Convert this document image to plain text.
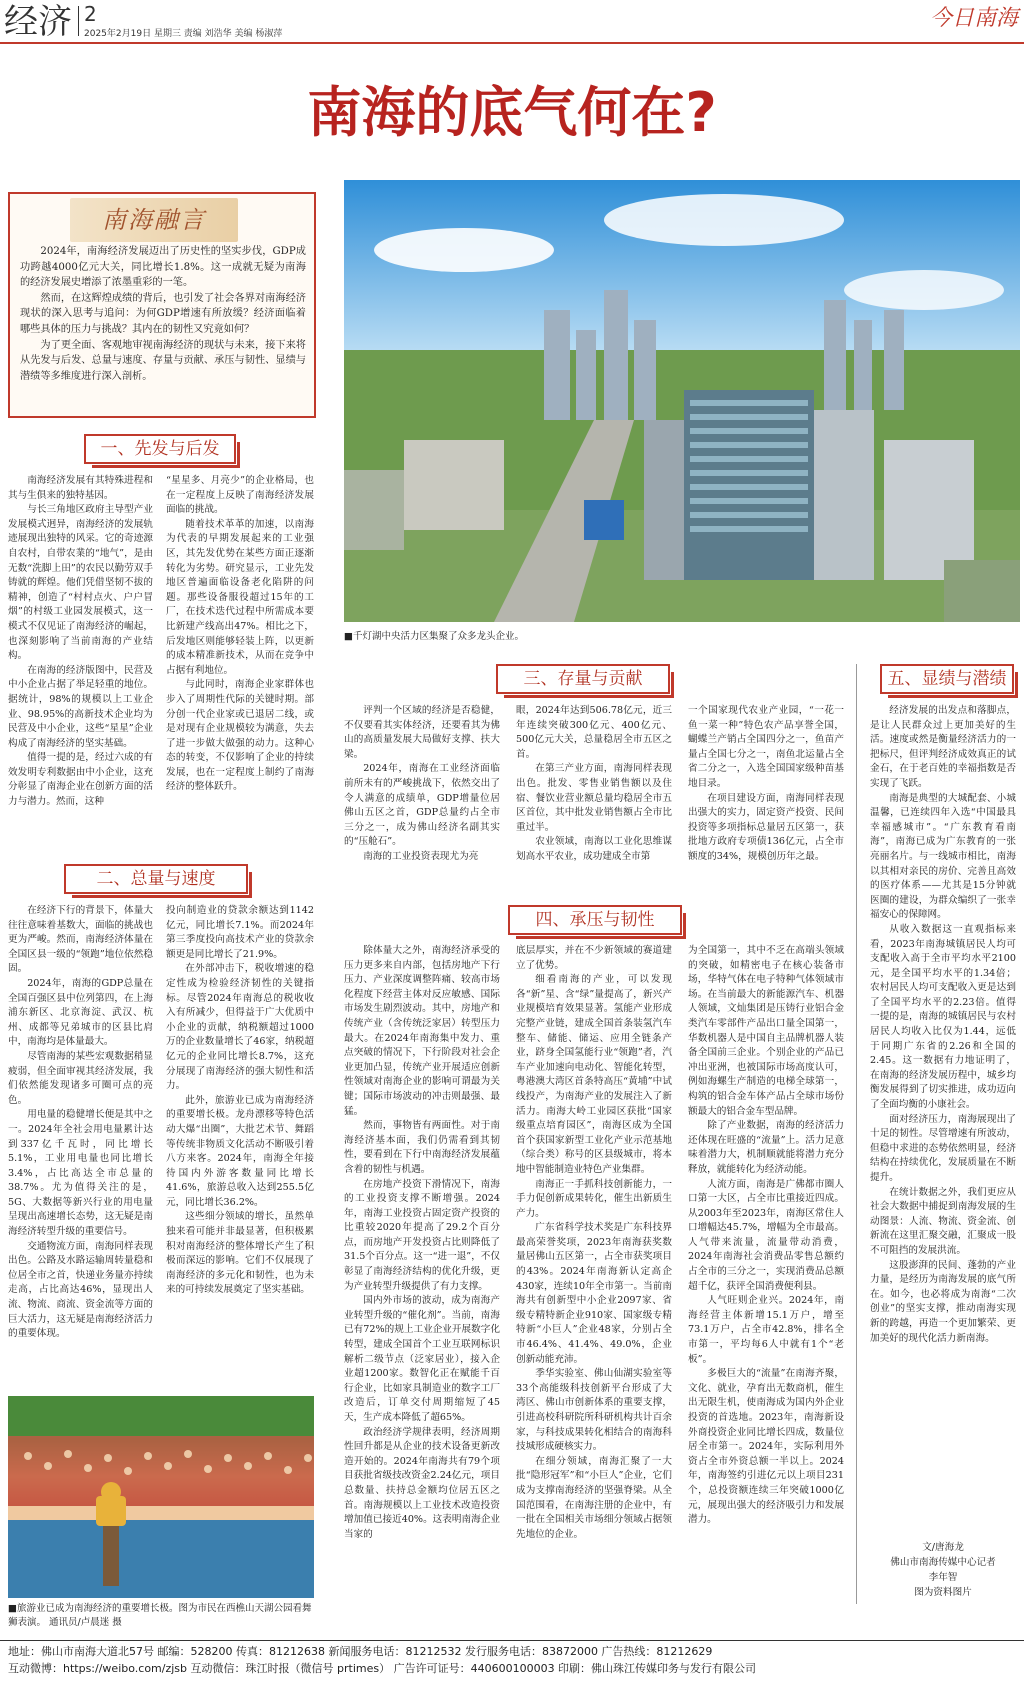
经济 2
2025年2月19日 星期三 责编 刘浩华 美编 杨淑萍
今日南海
南海的底气何在?
南海融言

2024年，南海经济发展迈出了历史性的坚实步伐，GDP成功跨越4000亿元大关，同比增长1.8%。这一成就无疑为南海的经济发展史增添了浓墨重彩的一笔。

然而，在这辉煌成绩的背后，也引发了社会各界对南海经济现状的深入思考与追问：为何GDP增速有所放缓？经济面临着哪些具体的压力与挑战？其内在的韧性又究竟如何？

为了更全面、客观地审视南海经济的现状与未来，接下来将从先发与后发、总量与速度、存量与贡献、承压与韧性、显绩与潜绩等多维度进行深入剖析。

一、先发与后发

南海经济发展有其特殊进程和其与生俱来的独特基因。

与长三角地区政府主导型产业发展模式迥异，南海经济的发展轨迹展现出独特的风采。它的奇迹源自农村，自带农業的“地气”，是由无数“洗脚上田”的农民以勤劳双手铸就的辉煌。他们凭借坚韧不拔的精神，创造了“村村点火、户户冒烟”的村级工业园发展模式，这一模式不仅见证了南海经济的崛起，也深刻影响了当前南海的产业结构。

在南海的经济版图中，民营及中小企业占据了举足轻重的地位。据统计，98%的规模以上工业企业、98.95%的高新技术企业均为民营及中小企业，这些“星星”企业构成了南海经济的坚实基础。

值得一提的是，经过六成的有效发明专利数据由中小企业，这充分彰显了南海企业在创新方面的活力与潜力。然而，这种

“星星多、月亮少”的企业格局，也在一定程度上反映了南海经济发展面临的挑战。

随着技术革革的加速，以南海为代表的早期发展起来的工业强区，其先发优势在某些方面正逐渐转化为劣势。研究显示，工业先发地区普遍面临设备老化陷阱的问题。那些设备服役超过15年的工厂，在技术迭代过程中所需成本要比新建产线高出47%。相比之下，后发地区则能够轻装上阵，以更新的成本精准新技术，从而在竞争中占据有利地位。

与此同时，南海企业家群体也步入了周期性代际的关键时期。部分创一代企业家或已退居二线，或是对现有企业规模较为满意，失去了进一步做大做强的动力。这种心态的转变，不仅影响了企业的持续发展，也在一定程度上制约了南海经济的整体跃升。

二、总量与速度

在经济下行的背景下，体量大往往意味着基数大，面临的挑战也更为严峻。然而，南海经济体量在全国区县一级的“领跑”地位依然稳固。

2024年，南海的GDP总量在全国百强区县中位列第四，在上海浦东新区、北京海淀、武汉、杭州、成都等兄弟城市的区县比肩中，南海均是体量最大。

尽管南海的某些宏观数据稍显疲弱，但全面审视其经济发展，我们依然能发现诸多可圈可点的亮色。

用电量的稳健增长便是其中之一。2024年全社会用电量累计达到337亿千瓦时，同比增长5.1%，工业用电量也同比增长3.4%，占比高达全市总量的38.7%。尤为值得关注的是，5G、大数据等新兴行业的用电量呈现出高速增长态势，这无疑是南海经济转型升级的重要信号。

交通物流方面，南海同样表现出色。公路及水路运输周转量稳和位居全市之首，快递业务量亦持续走高，占比高达46%，显现出人流、物流、商流、资金流等方面的巨大活力，这无疑是南海经济活力的重要体现。

投向制造业的贷款余额达到1142亿元，同比增长7.1%。而2024年第三季度投向高技术产业的贷款余额更是同比增长了21.9%。

在外部冲击下，税收增速的稳定性成为检验经济韧性的关键指标。尽管2024年南海总的税收收入有所减少，但得益于广大优质中小企业的贡献，纳税额超过1000万的企业数量增长了46家，纳税超亿元的企业同比增长8.7%，这充分展现了南海经济的强大韧性和活力。

此外，旅游业已成为南海经济的重要增长极。龙舟漂移等特色活动大爆“出圈”，大批艺术节、舞蹈等传统非物质文化活动不断吸引着八方来客。2024年，南海全年接待国内外游客数量同比增长41.6%，旅游总收入达到255.5亿元，同比增长36.2%。

这些细分领域的增长，虽然单独来看可能并非最显著，但积极累积对南海经济的整体增长产生了积极而深远的影响。它们不仅展现了南海经济的多元化和韧性，也为未来的可持续发展奠定了坚实基础。

■旅游业已成为南海经济的重要增长极。图为市民在西樵山天湖公园看舞狮表演。 通讯员/卢晨迷 摄
■千灯湖中央活力区集聚了众多龙头企业。
三、存量与贡献

评判一个区域的经济是否稳健，不仅要看其实体经济，还要看其为佛山的高质量发展大局做好支撑、扶大梁。

2024年，南海在工业经济面临前所未有的严峻挑战下，依然交出了令人满意的成绩单，GDP增量位居佛山五区之首，GDP总量约占全市三分之一，成为佛山经济名副其实的“压舱石”。

南海的工业投资表现尤为亮

眼，2024年达到506.78亿元，近三年连续突破300亿元、400亿元、500亿元大关，总量稳居全市五区之首。

在第三产业方面，南海同样表现出色。批发、零售业销售额以及住宿、餐饮业营业额总量均稳居全市五区首位，其中批发业销售额占全市比重过半。

农业领域，南海以工业化思维谋划高水平农业，成功建成全市第

一个国家现代农业产业园，“一花一鱼一菜一种”特色农产品享誉全国，蝴蝶兰产销占全国四分之一，鱼苗产量占全国七分之一，南鱼北运量占全省二分之一，入选全国国家级种苗基地目录。

在项目建设方面，南海同样表现出强大的实力，固定资产投资、民间投资等多项指标总量居五区第一，获批地方政府专项债136亿元，占全市额度的34%，规模创历年之最。

四、承压与韧性

除体量大之外，南海经济承受的压力更多来自内部，包括房地产下行压力、产业深度调整阵痛、较高市场化程度下经营主体对反应敏感、国际市场发生剧烈波动。其中，房地产和传统产业（含传统泛家居）转型压力最大。在2024年南海集中发力、重点突破的情况下，下行阶段对社会企业更加凸显，传统产业开展适应创新性领域对南海企业的影响可谓最为关键；国际市场波动的冲击则最强、最猛。

然而，事物皆有两面性。对于南海经济基本面，我们仍需看到其韧性，要看到在下行中南海经济发展蕴含着的韧性与机遇。

在房地产投资下滑情况下，南海的工业投资支撑不断增强。2024年，南海工业投资占固定资产投资的比重较2020年提高了29.2个百分点，而房地产开发投资占比则降低了31.5个百分点。这一“进一退”，不仅彰显了南海经济结构的优化升级，更为产业转型升级提供了有力支撑。

国内外市场的波动，成为南海产业转型升级的“催化剂”。当前，南海已有72%的规上工业企业开展数字化转型，建成全国首个工业互联网标识解析二级节点（泛家居业），接入企业超1200家。数智化正在赋能千百行企业，比如家具制造业的数字工厂改造后，订单交付周期缩短了45天，生产成本降低了超65%。

政治经济学规律表明，经济周期性回升都是从企业的技术设备更新改造开始的。2024年南海共有79个项目获批省级技改资金2.24亿元，项目总数量、扶持总金额均位居五区之首。南海规模以上工业技术改造投资增加值已接近40%。这表明南海企业当家的

底层厚实，并在不少新领域的赛道建立了优势。

细看南海的产业，可以发现各“新”星、含“绿”量提高了，新兴产业规模培育效果显著。氢能产业形成完整产业链，建成全国首条装氢汽车整车、储能、储运、应用全链条产业，跻身全国氢能行业“领跑”者，汽车产业加速向电动化、智能化转型，粤港澳大湾区首条特高压“黄埔”中试线投产，为南海产业的发展注入了新活力。南海大岭工业园区获批“国家级重点培育园区”，南海区成为全国首个获国家新型工业化产业示范基地（综合类）称号的区县级城市，将本地中智能制造业特色产业集群。

南海正一手抓科技创新能力，一手力促创新成果转化，催生出新质生产力。

广东省科学技术奖是广东科技界最高荣誉奖项，2023年南海获奖数量居佛山五区第一，占全市获奖项目的43%。2024年南海新认定高企430家，连续10年全市第一。当前南海共有创新型中小企业2097家、省级专精特新企业910家、国家级专精特新“小巨人”企业48家，分别占全市46.4%、41.4%、49.0%，企业创新动能充沛。

季华实验室、佛山仙湖实验室等33个高能级科技创新平台形成了大湾区、佛山市创新体系的重要支撑，引进高校科研院所科研机构共计百余家，与科技成果转化相结合的南海科技城形成硬核实力。

在细分领域，南海汇聚了一大批“隐形冠军”和“小巨人”企业，它们成为支撑南海经济的坚强脊梁。从全国范围看，在南海注册的企业中，有一批在全国相关市场细分领域占据领先地位的企业。

为全国第一，其中不乏在高端头领域的突破，如精密电子在核心装备市场，华特气体在电子特种气体领域市场。在当前最大的新能源汽车、机器人领域，文灿集团是压铸行业铝合金类汽车零部件产品出口量全国第一，华数机器人是中国自主品牌机器人装备全国前三企业。个别企业的产品已冲出亚洲，也被国际市场高度认可，例如海螺生产制造的电梯全球第一，构筑的铝合金车体产品占全球市场份额最大的铝合金车型品牌。

除了产业数据，南海的经济活力还体现在旺盛的“流量”上。活力足意味着潜力大，机制顺就能将潜力充分释放，就能转化为经济动能。

人流方面，南海是广佛都市圈人口第一大区，占全市比重接近四成。从2003年至2023年，南海区常住人口增幅达45.7%，增幅为全市最高。人气带来流量，流量带动消费，2024年南海社会消费品零售总额约占全市的三分之一，实现消费品总额超千亿，获评全国消费便利县。

人气旺则企业兴。2024年，南海经营主体新增15.1万户，增至73.1万户，占全市42.8%，排名全市第一，平均每6人中就有1个“老板”。

多极巨大的“流量”在南海齐聚，文化、就业，孕育出无数商机，催生出无限生机，使南海成为国内外企业投资的首选地。2023年，南海新设外商投资企业同比增长四成，数量位居全市第一。2024年，实际利用外资占全市外资总额一半以上。2024年，南海签约引进亿元以上项目231个，总投资额连续三年突破1000亿元，展现出强大的经济吸引力和发展潜力。

五、显绩与潜绩

经济发展的出发点和落脚点，是让人民群众过上更加美好的生活。速度或然是衡量经济活力的一把标尺，但评判经济成效真正的试金石，在于老百姓的幸福指数是否实现了飞跃。

南海是典型的大城配套、小城温馨，已连续四年入选“中国最具幸福感城市”。“广东教育看南海”，南海已成为广东教育的一张亮丽名片。与一线城市相比，南海以其相对亲民的房价、完善且高效的医疗体系——尤其是15分钟就医圈的建设，为群众编织了一张幸福安心的保障网。

从收入数据这一直观指标来看，2023年南海城镇居民人均可支配收入高于全市平均水平2100元，是全国平均水平的1.34倍；农村居民人均可支配收入更是达到了全国平均水平的2.23倍。值得一提的是，南海的城镇居民与农村居民人均收入比仅为1.44，远低于同期广东省的2.26和全国的2.45。这一数据有力地证明了，在南海的经济发展历程中，城乡均衡发展得到了切实推进，成功迈向了全面均衡的小康社会。

面对经济压力，南海展现出了十足的韧性。尽管增速有所波动，但稳中求进的态势依然明显，经济结构在持续优化，发展质量在不断提升。

在统计数据之外，我们更应从社会大数据中捕捉到南海发展的生动图景：人流、物流、资金流、创新流在这里汇聚交融，汇聚成一股不可阻挡的发展洪流。

这股澎湃的民间、蓬勃的产业力量，是经历为南海发展的底气所在。如今，也必将成为南海“二次创业”的坚实支撑，推动南海实现新的跨越，再造一个更加繁荣、更加美好的现代化活力新南海。

文/唐海龙
佛山市南海传媒中心记者
李年智
图为资料图片
地址：佛山市南海大道北57号 邮编：528200 传真：81212638 新闻服务电话：81212532 发行服务电话：83872000 广告热线：81212629
互动微博：https://weibo.com/zjsb 互动微信：珠江时报（微信号 prtimes） 广告许可证号：440600100003 印刷：佛山珠江传媒印务与发行有限公司
